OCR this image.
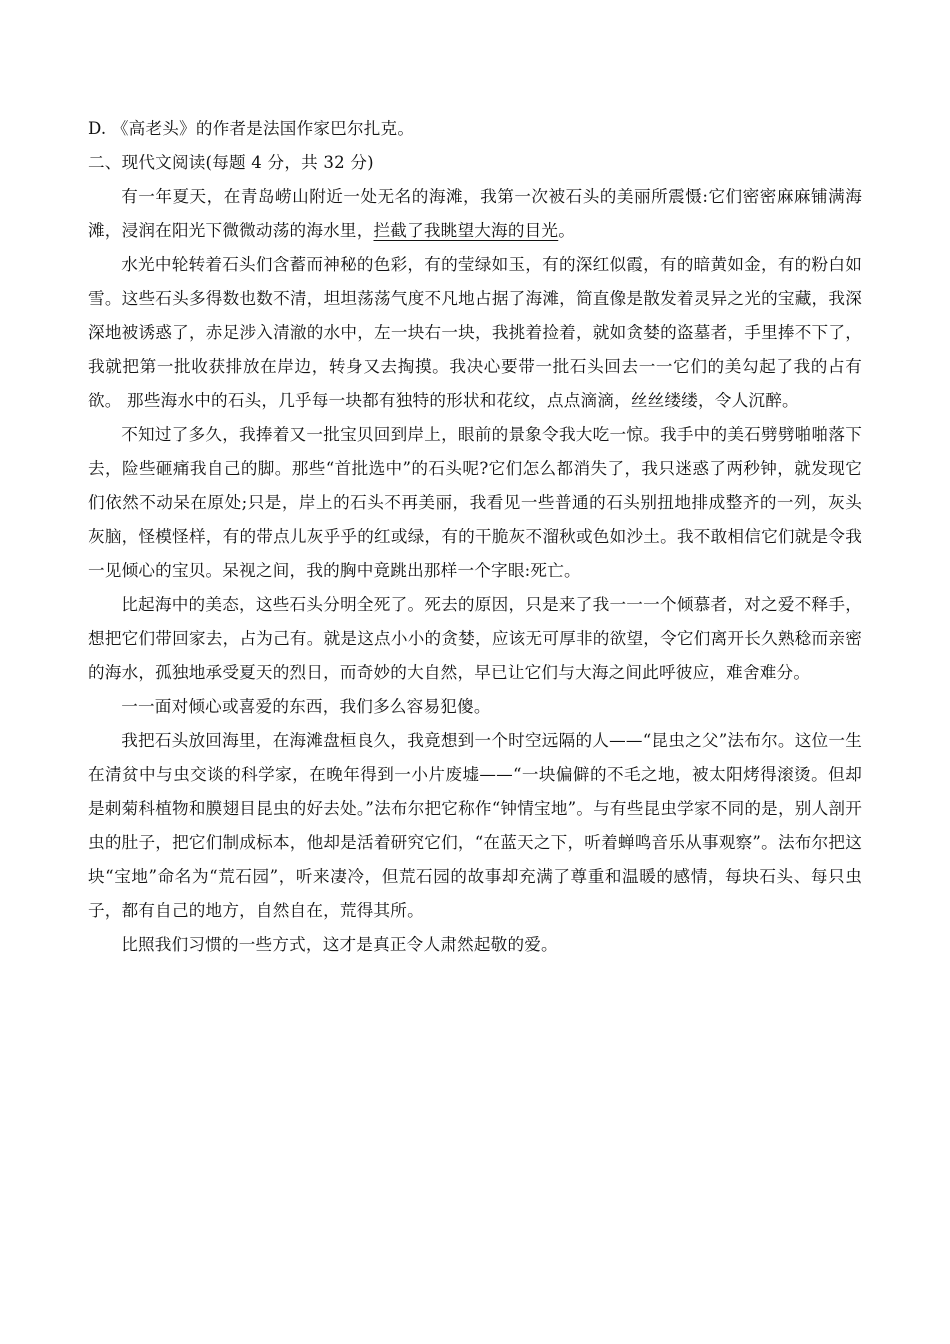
D. 《高老头》的作者是法国作家巴尔扎克。

二、现代文阅读(每题 4 分，共 32 分)

有一年夏天，在青岛崂山附近一处无名的海滩，我第一次被石头的美丽所震慑:它们密密麻麻铺满海滩，浸润在阳光下微微动荡的海水里，拦截了我眺望大海的目光。

水光中轮转着石头们含蓄而神秘的色彩，有的莹绿如玉，有的深红似霞，有的暗黄如金，有的粉白如雪。这些石头多得数也数不清，坦坦荡荡气度不凡地占据了海滩，简直像是散发着灵异之光的宝藏，我深深地被诱惑了，赤足涉入清澈的水中，左一块右一块，我挑着捡着，就如贪婪的盗墓者，手里捧不下了，我就把第一批收获排放在岸边，转身又去掏摸。我决心要带一批石头回去一一它们的美勾起了我的占有欲。 那些海水中的石头，几乎每一块都有独特的形状和花纹，点点滴滴，丝丝缕缕，令人沉醉。

不知过了多久，我捧着又一批宝贝回到岸上，眼前的景象令我大吃一惊。我手中的美石劈劈啪啪落下去，险些砸痛我自己的脚。那些“首批选中”的石头呢?它们怎么都消失了，我只迷惑了两秒钟，就发现它们依然不动呆在原处;只是，岸上的石头不再美丽，我看见一些普通的石头别扭地排成整齐的一列，灰头灰脑，怪模怪样，有的带点儿灰乎乎的红或绿，有的干脆灰不溜秋或色如沙土。我不敢相信它们就是令我一见倾心的宝贝。呆视之间，我的胸中竟跳出那样一个字眼:死亡。

比起海中的美态，这些石头分明全死了。死去的原因，只是来了我一一一个倾慕者，对之爱不释手，想把它们带回家去，占为己有。就是这点小小的贪婪，应该无可厚非的欲望，令它们离开长久熟稔而亲密的海水，孤独地承受夏天的烈日，而奇妙的大自然，早已让它们与大海之间此呼彼应，难舍难分。

一一面对倾心或喜爱的东西，我们多么容易犯傻。

我把石头放回海里，在海滩盘桓良久，我竟想到一个时空远隔的人——“昆虫之父”法布尔。这位一生在清贫中与虫交谈的科学家，在晚年得到一小片废墟——“一块偏僻的不毛之地，被太阳烤得滚烫。但却是刺菊科植物和膜翅目昆虫的好去处。”法布尔把它称作“钟情宝地”。与有些昆虫学家不同的是，别人剖开虫的肚子，把它们制成标本，他却是活着研究它们，“在蓝天之下，听着蝉鸣音乐从事观察”。法布尔把这块“宝地”命名为“荒石园”，听来凄冷，但荒石园的故事却充满了尊重和温暖的感情，每块石头、每只虫子，都有自己的地方，自然自在，荒得其所。

比照我们习惯的一些方式，这才是真正令人肃然起敬的爱。
